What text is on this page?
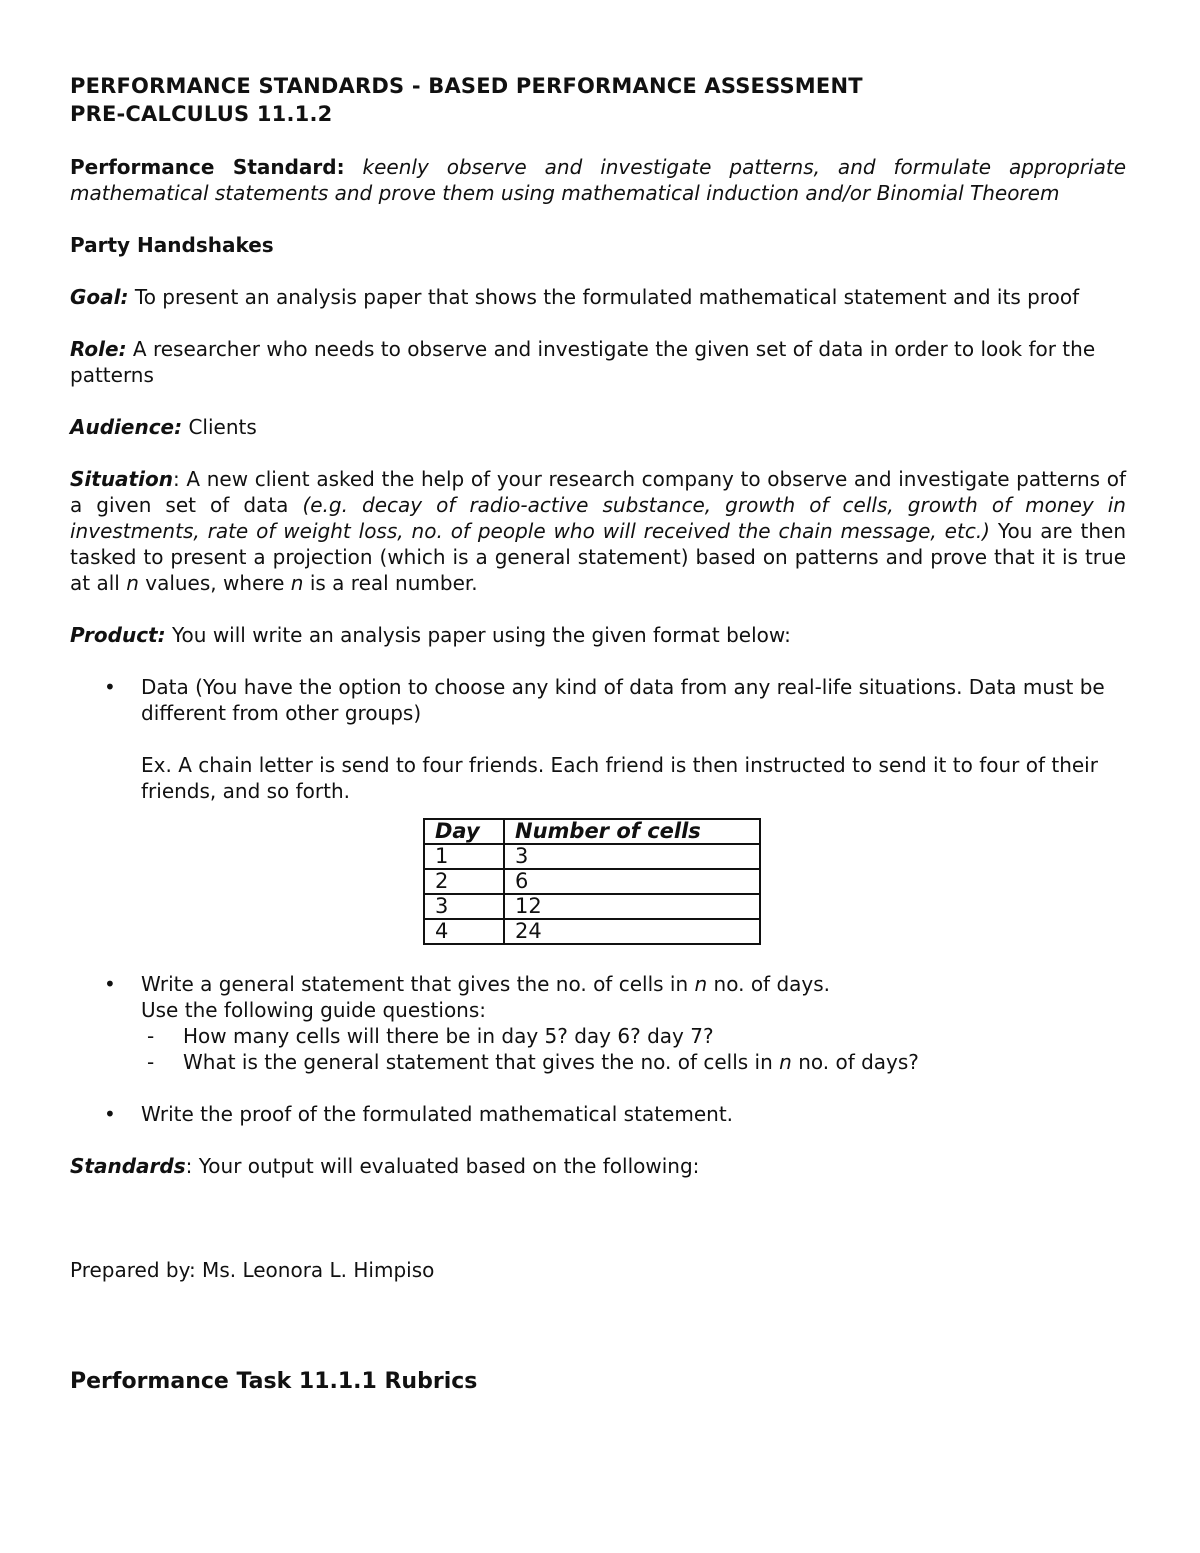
PERFORMANCE STANDARDS - BASED PERFORMANCE ASSESSMENT
PRE-CALCULUS 11.1.2

Performance Standard: keenly observe and investigate patterns, and formulate appropriate mathematical statements and prove them using mathematical induction and/or Binomial Theorem

Party Handshakes

Goal: To present an analysis paper that shows the formulated mathematical statement and its proof

Role: A researcher who needs to observe and investigate the given set of data in order to look for the patterns

Audience: Clients

Situation: A new client asked the help of your research company to observe and investigate patterns of a given set of data (e.g. decay of radio-active substance, growth of cells, growth of money in investments, rate of weight loss, no. of people who will received the chain message, etc.) You are then tasked to present a projection (which is a general statement) based on patterns and prove that it is true at all n values, where n is a real number.

Product: You will write an analysis paper using the given format below:

• Data (You have the option to choose any kind of data from any real-life situations. Data must be different from other groups)
Ex. A chain letter is send to four friends. Each friend is then instructed to send it to four of their friends, and so forth.
Day	Number of cells
1	3
2	6
3	12
4	24
• Write a general statement that gives the no. of cells in n no. of days.
Use the following guide questions:
- How many cells will there be in day 5? day 6? day 7?
- What is the general statement that gives the no. of cells in n no. of days?
• Write the proof of the formulated mathematical statement.

Standards: Your output will evaluated based on the following:

Prepared by: Ms. Leonora L. Himpiso

Performance Task 11.1.1 Rubrics
